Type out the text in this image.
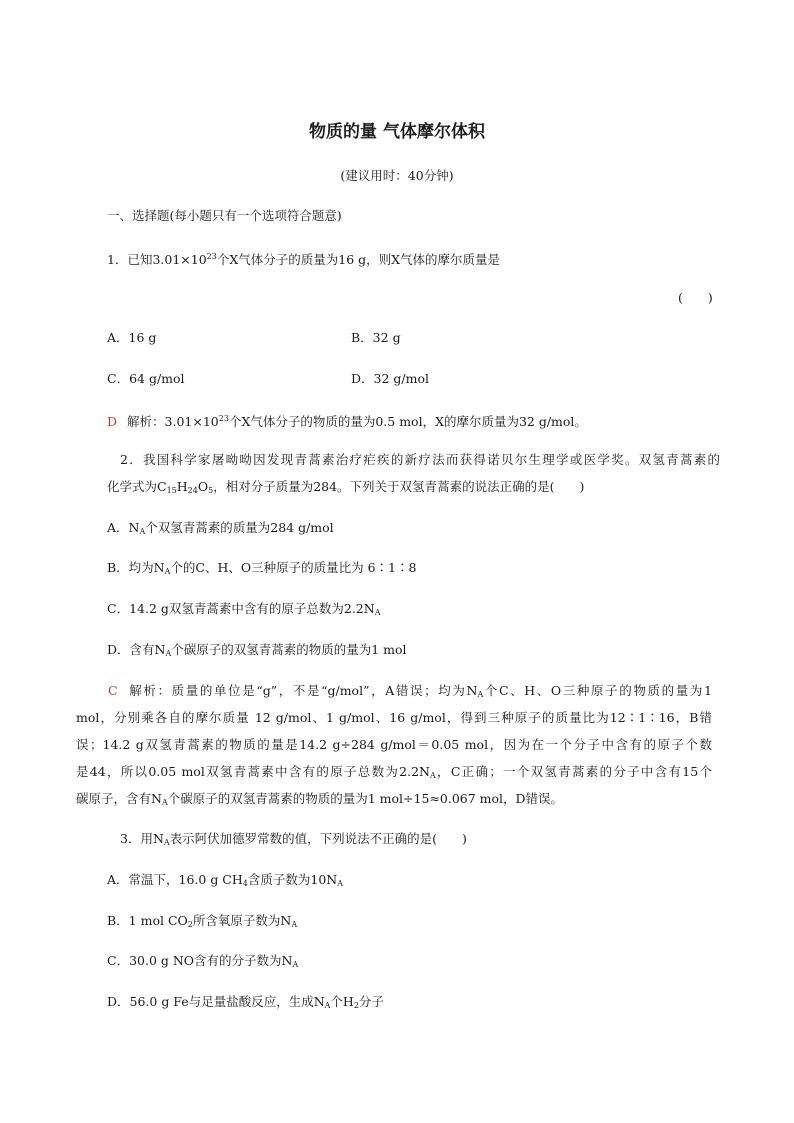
物质的量 气体摩尔体积
(建议用时：40分钟)
一、选择题(每小题只有一个选项符合题意)
1．已知$3.01\times 10^{23}$个X气体分子的质量为16 g，则X气体的摩尔质量是
(　　)
A．16 g	B．32 g
C．64 g/mol	D．32 g/mol
D 解析：$3.01\times 10^{23}$个X气体分子的物质的量为0.5 mol，X的摩尔质量为32 g/mol。
2．我国科学家屠呦呦因发现青蒿素治疗疟疾的新疗法而获得诺贝尔生理学或医学奖。双氢青蒿素的
化学式为$C_{15}H_{24}O_5$，相对分子质量为284。下列关于双氢青蒿素的说法正确的是(　　)
A．$N_A$个双氢青蒿素的质量为284 g/mol
B．均为$N_A$个的C、H、O三种原子的质量比为 6∶1∶8
C．14.2 g双氢青蒿素中含有的原子总数为$2.2N_A$
D．含有$N_A$个碳原子的双氢青蒿素的物质的量为1 mol
C 解析：质量的单位是“g”，不是“g/mol”，A错误；均为$N_A$个C、H、O三种原子的物质的量为1
mol，分别乘各自的摩尔质量 12 g/mol、1 g/mol、16 g/mol，得到三种原子的质量比为12∶1∶16，B错
误；14.2 g双氢青蒿素的物质的量是14.2 g÷284 g/mol＝0.05 mol，因为在一个分子中含有的原子个数
是44，所以0.05 mol双氢青蒿素中含有的原子总数为$2.2N_A$，C正确；一个双氢青蒿素的分子中含有15个
碳原子，含有$N_A$个碳原子的双氢青蒿素的物质的量为1 mol÷15≈0.067 mol，D错误。
3．用$N_A$表示阿伏加德罗常数的值，下列说法不正确的是(　　)
A．常温下，16.0 g $CH_4$含质子数为$10N_A$
B．1 mol $CO_2$所含氧原子数为$N_A$
C．30.0 g NO含有的分子数为$N_A$
D．56.0 g Fe与足量盐酸反应，生成$N_A$个$H_2$分子
